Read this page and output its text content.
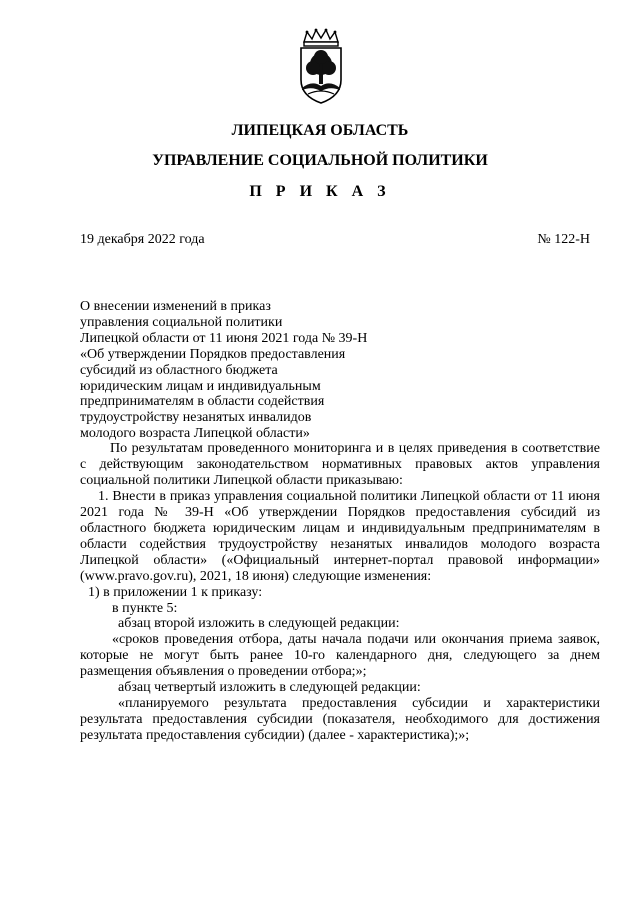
ЛИПЕЦКАЯ ОБЛАСТЬ
УПРАВЛЕНИЕ СОЦИАЛЬНОЙ ПОЛИТИКИ
П Р И К А З
19 декабря 2022 года	№ 122-Н
О внесении изменений в приказ
управления социальной политики
Липецкой области от 11 июня 2021 года № 39-Н
«Об утверждении Порядков предоставления
субсидий из областного бюджета
юридическим лицам и индивидуальным
предпринимателям в области содействия
трудоустройству незанятых инвалидов
молодого возраста Липецкой области»

По результатам проведенного мониторинга и в целях приведения в соответствие с действующим законодательством нормативных правовых актов управления социальной политики Липецкой области приказываю:

1. Внести в приказ управления социальной политики Липецкой области от 11 июня 2021 года № 39-Н «Об утверждении Порядков предоставления субсидий из областного бюджета юридическим лицам и индивидуальным предпринимателям в области содействия трудоустройству незанятых инвалидов молодого возраста Липецкой области» («Официальный интернет-портал правовой информации» (www.pravo.gov.ru), 2021, 18 июня) следующие изменения:

1) в приложении 1 к приказу:

в пункте 5:

абзац второй изложить в следующей редакции:

«сроков проведения отбора, даты начала подачи или окончания приема заявок, которые не могут быть ранее 10-го календарного дня, следующего за днем размещения объявления о проведении отбора;»;

абзац четвертый изложить в следующей редакции:

«планируемого результата предоставления субсидии и характеристики результата предоставления субсидии (показателя, необходимого для достижения результата предоставления субсидии) (далее - характеристика);»;
